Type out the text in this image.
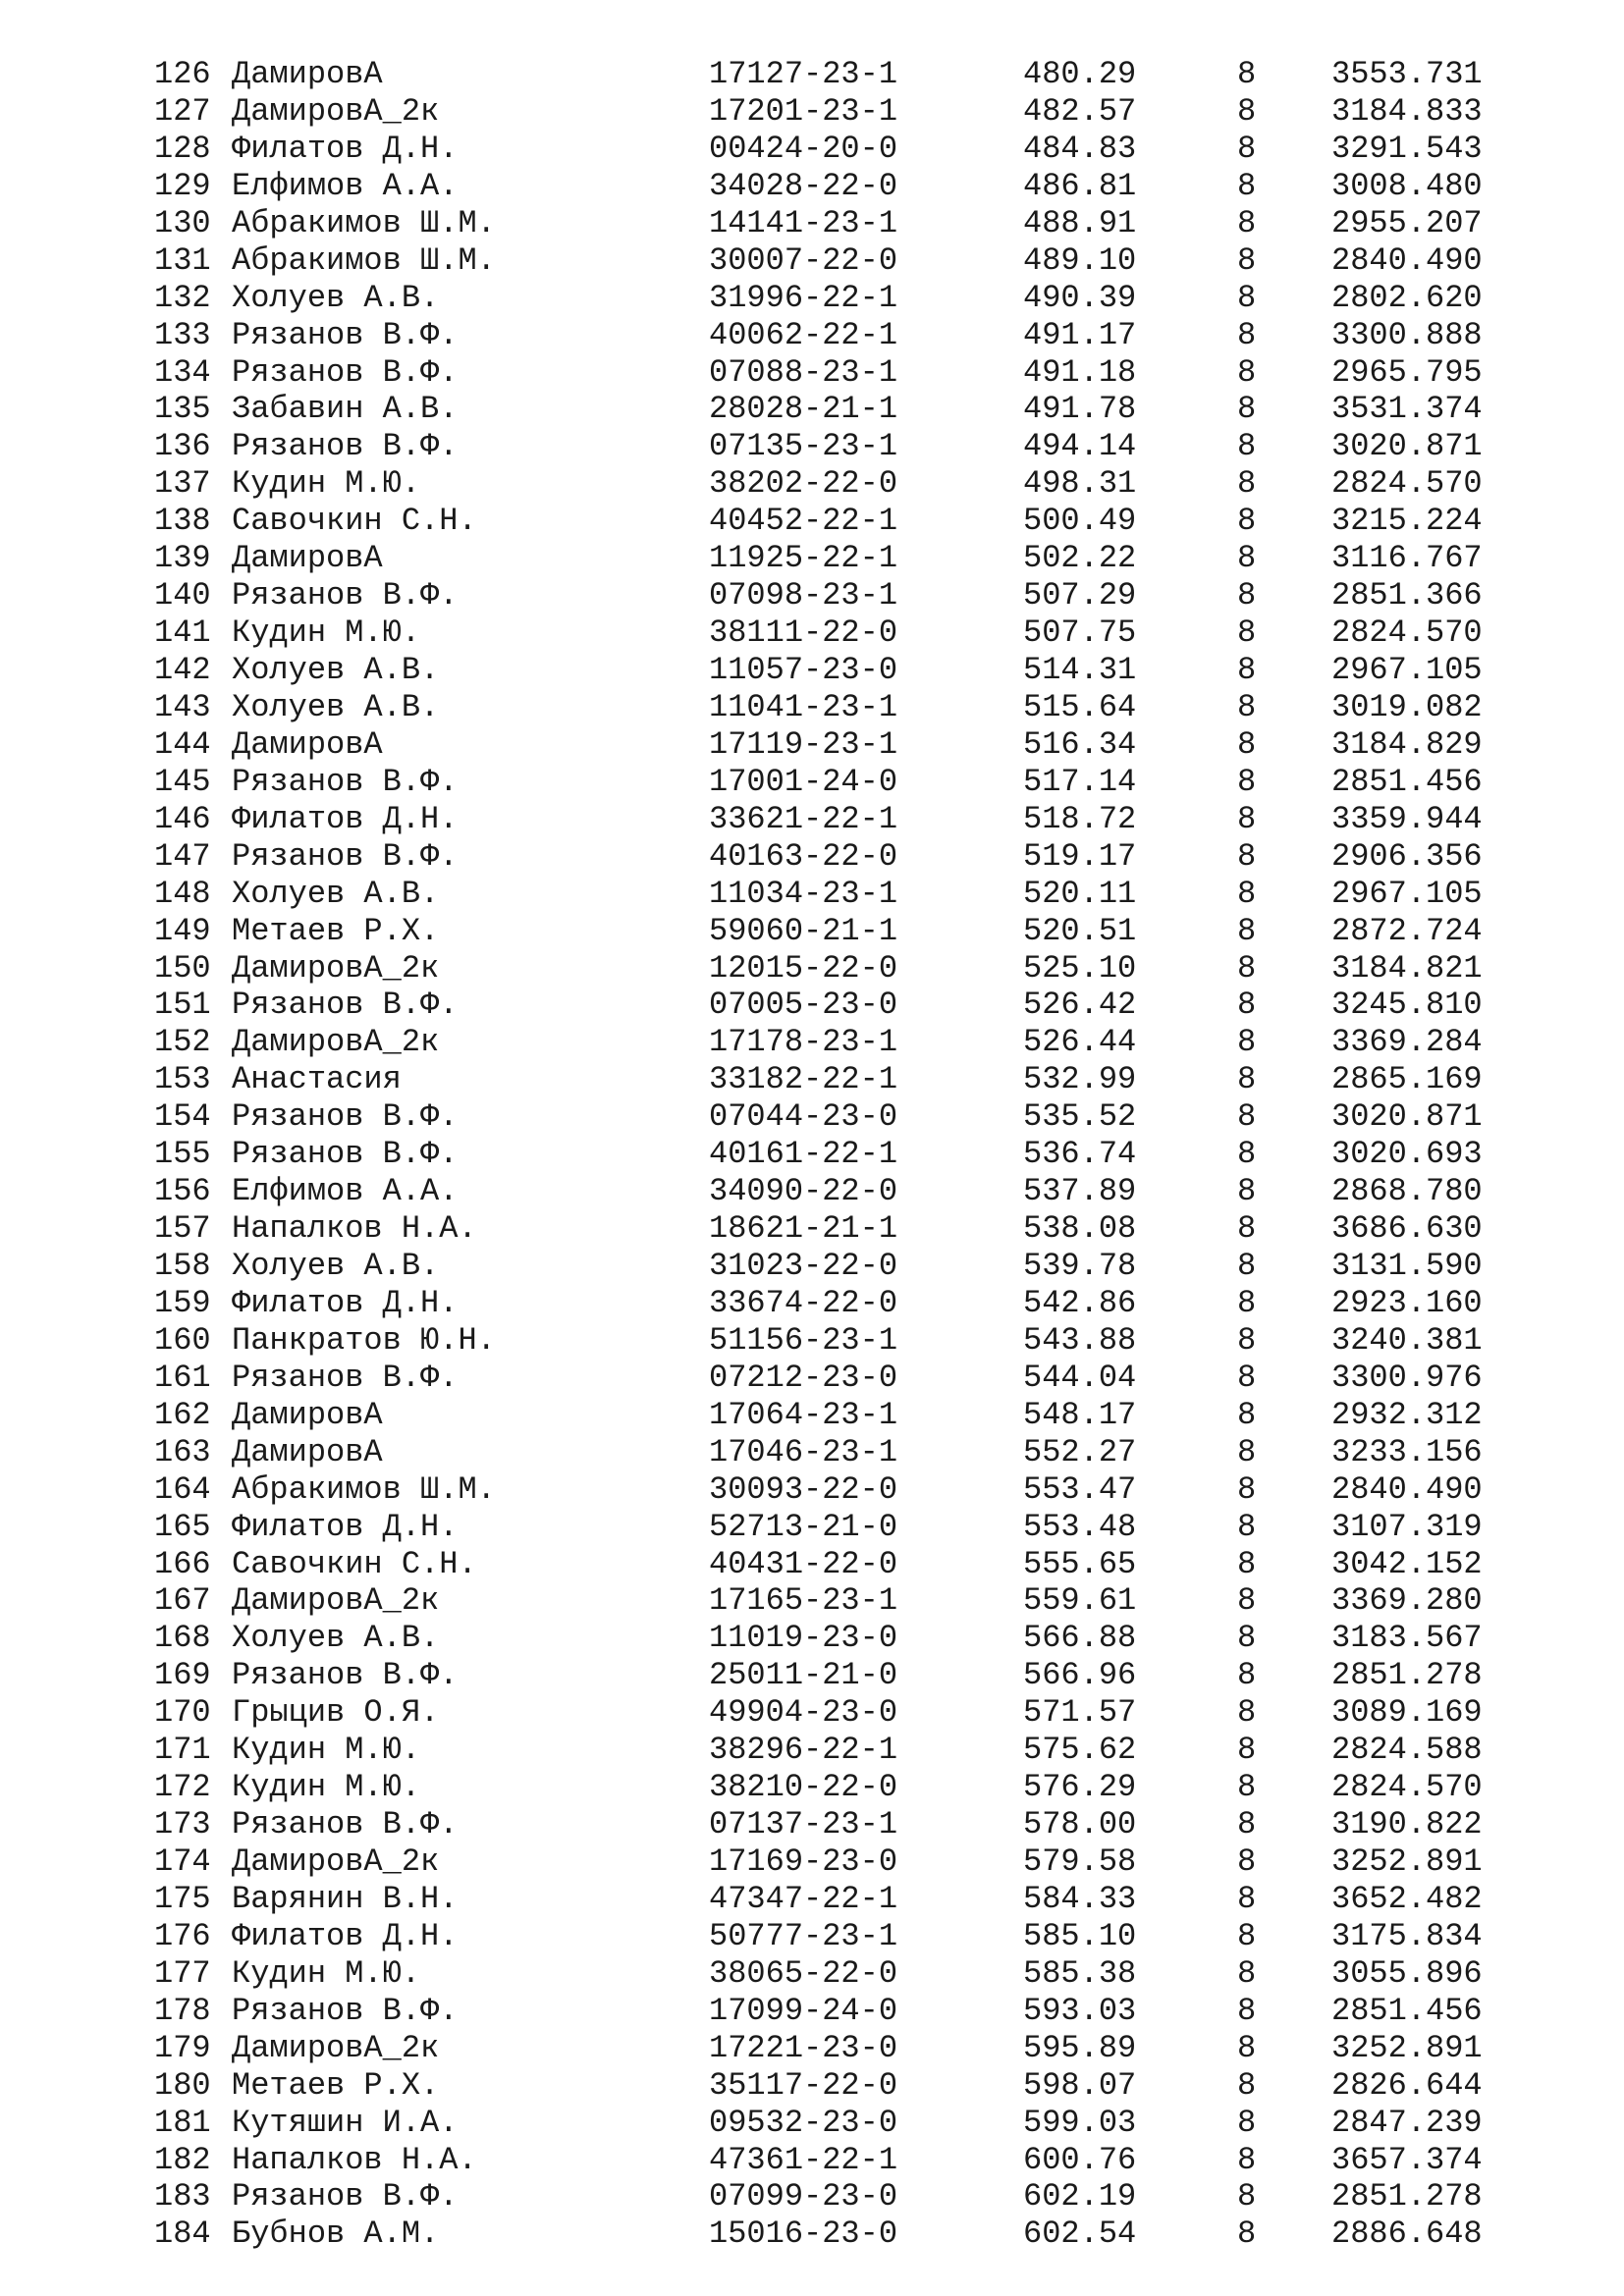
126 ДамировА	17127-23-1	480.29	8 3553.731
127 ДамировА_2к	17201-23-1	482.57	8 3184.833
128 Филатов Д.Н.	00424-20-0	484.83	8 3291.543
129 Елфимов А.А.	34028-22-0	486.81	8 3008.480
130 Абракимов Ш.М.	14141-23-1	488.91	8 2955.207
131 Абракимов Ш.М.	30007-22-0	489.10	8 2840.490
132 Холуев А.В.	31996-22-1	490.39	8 2802.620
133 Рязанов В.Ф.	40062-22-1	491.17	8 3300.888
134 Рязанов В.Ф.	07088-23-1	491.18	8 2965.795
135 Забавин А.В.	28028-21-1	491.78	8 3531.374
136 Рязанов В.Ф.	07135-23-1	494.14	8 3020.871
137 Кудин М.Ю.	38202-22-0	498.31	8 2824.570
138 Савочкин С.Н.	40452-22-1	500.49	8 3215.224
139 ДамировА	11925-22-1	502.22	8 3116.767
140 Рязанов В.Ф.	07098-23-1	507.29	8 2851.366
141 Кудин М.Ю.	38111-22-0	507.75	8 2824.570
142 Холуев А.В.	11057-23-0	514.31	8 2967.105
143 Холуев А.В.	11041-23-1	515.64	8 3019.082
144 ДамировА	17119-23-1	516.34	8 3184.829
145 Рязанов В.Ф.	17001-24-0	517.14	8 2851.456
146 Филатов Д.Н.	33621-22-1	518.72	8 3359.944
147 Рязанов В.Ф.	40163-22-0	519.17	8 2906.356
148 Холуев А.В.	11034-23-1	520.11	8 2967.105
149 Метаев Р.Х.	59060-21-1	520.51	8 2872.724
150 ДамировА_2к	12015-22-0	525.10	8 3184.821
151 Рязанов В.Ф.	07005-23-0	526.42	8 3245.810
152 ДамировА_2к	17178-23-1	526.44	8 3369.284
153 Анастасия	33182-22-1	532.99	8 2865.169
154 Рязанов В.Ф.	07044-23-0	535.52	8 3020.871
155 Рязанов В.Ф.	40161-22-1	536.74	8 3020.693
156 Елфимов А.А.	34090-22-0	537.89	8 2868.780
157 Напалков Н.А.	18621-21-1	538.08	8 3686.630
158 Холуев А.В.	31023-22-0	539.78	8 3131.590
159 Филатов Д.Н.	33674-22-0	542.86	8 2923.160
160 Панкратов Ю.Н.	51156-23-1	543.88	8 3240.381
161 Рязанов В.Ф.	07212-23-0	544.04	8 3300.976
162 ДамировА	17064-23-1	548.17	8 2932.312
163 ДамировА	17046-23-1	552.27	8 3233.156
164 Абракимов Ш.М.	30093-22-0	553.47	8 2840.490
165 Филатов Д.Н.	52713-21-0	553.48	8 3107.319
166 Савочкин С.Н.	40431-22-0	555.65	8 3042.152
167 ДамировА_2к	17165-23-1	559.61	8 3369.280
168 Холуев А.В.	11019-23-0	566.88	8 3183.567
169 Рязанов В.Ф.	25011-21-0	566.96	8 2851.278
170 Грыцив О.Я.	49904-23-0	571.57	8 3089.169
171 Кудин М.Ю.	38296-22-1	575.62	8 2824.588
172 Кудин М.Ю.	38210-22-0	576.29	8 2824.570
173 Рязанов В.Ф.	07137-23-1	578.00	8 3190.822
174 ДамировА_2к	17169-23-0	579.58	8 3252.891
175 Варянин В.Н.	47347-22-1	584.33	8 3652.482
176 Филатов Д.Н.	50777-23-1	585.10	8 3175.834
177 Кудин М.Ю.	38065-22-0	585.38	8 3055.896
178 Рязанов В.Ф.	17099-24-0	593.03	8 2851.456
179 ДамировА_2к	17221-23-0	595.89	8 3252.891
180 Метаев Р.Х.	35117-22-0	598.07	8 2826.644
181 Кутяшин И.А.	09532-23-0	599.03	8 2847.239
182 Напалков Н.А.	47361-22-1	600.76	8 3657.374
183 Рязанов В.Ф.	07099-23-0	602.19	8 2851.278
184 Бубнов А.М.	15016-23-0	602.54	8 2886.648
